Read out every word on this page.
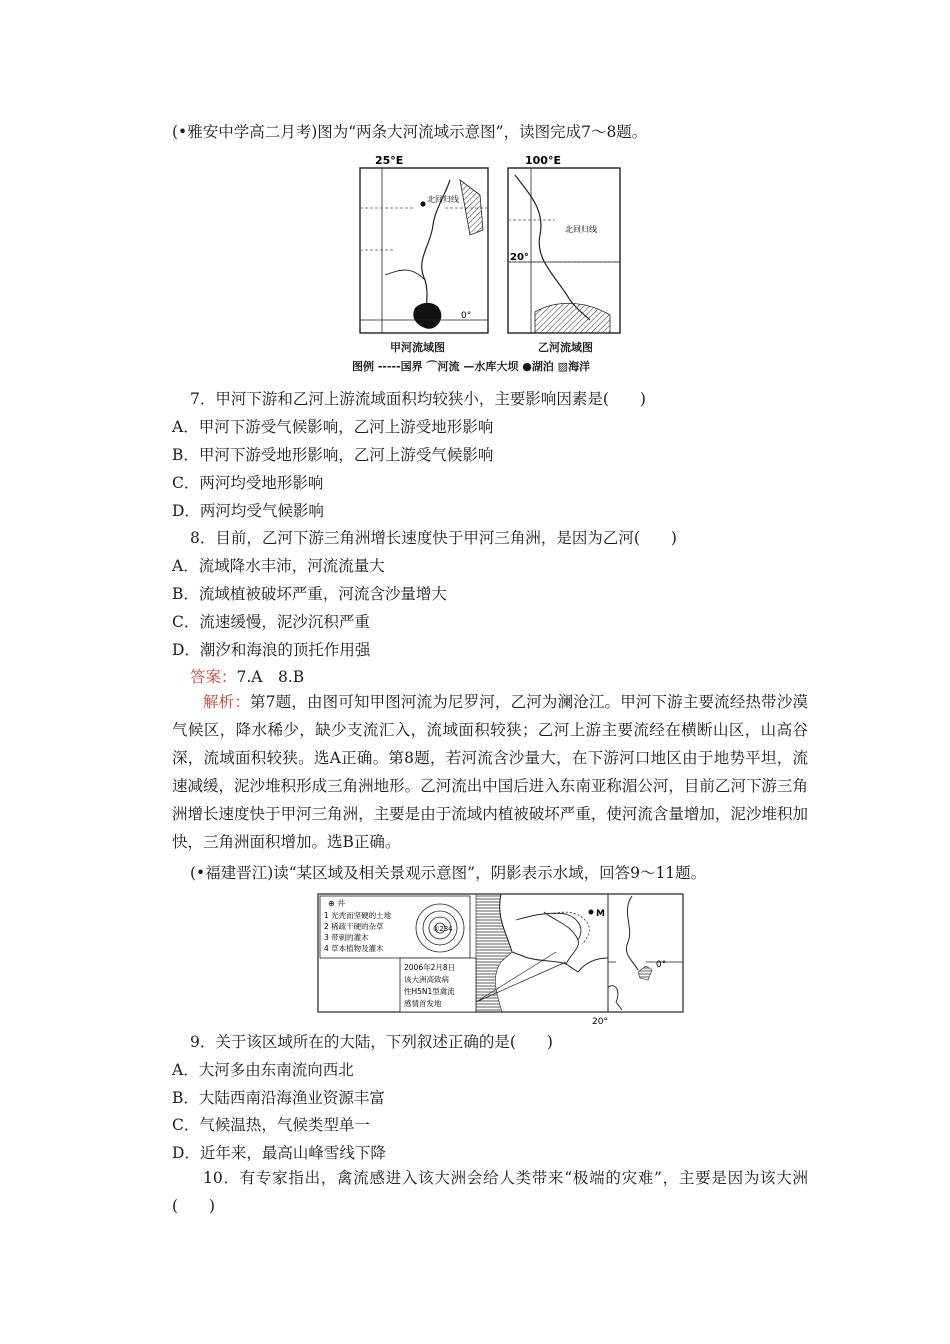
(•雅安中学高二月考)图为“两条大河流域示意图”，读图完成7～8题。
25°E
北回归线
0°
100°E
北回归线
20°
甲河流域图	乙河流域图
图例 -----国界 ⌒河流 —水库大坝 ●湖泊 ▨海洋
7．甲河下游和乙河上游流域面积均较狭小，主要影响因素是(　　)
A．甲河下游受气候影响，乙河上游受地形影响
B．甲河下游受地形影响，乙河上游受气候影响
C．两河均受地形影响
D．两河均受气候影响
8．目前，乙河下游三角洲增长速度快于甲河三角洲，是因为乙河(　　)
A．流域降水丰沛，河流流量大
B．流域植被破坏严重，河流含沙量增大
C．流速缓慢，泥沙沉积严重
D．潮汐和海浪的顶托作用强
答案：7.A　8.B
解析：第7题，由图可知甲图河流为尼罗河，乙河为澜沧江。甲河下游主要流经热带沙漠气候区，降水稀少，缺少支流汇入，流域面积较狭；乙河上游主要流经在横断山区，山高谷深，流域面积较狭。选A正确。第8题，若河流含沙量大，在下游河口地区由于地势平坦，流速减缓，泥沙堆积形成三角洲地形。乙河流出中国后进入东南亚称湄公河，目前乙河下游三角洲增长速度快于甲河三角洲，主要是由于流域内植被破坏严重，使河流含量增加，泥沙堆积加快，三角洲面积增加。选B正确。
(•福建晋江)读“某区域及相关景观示意图”，阴影表示水域，回答9～11题。
⊕ 井
1 光秃而坚硬的土地
2 稀疏干硬的杂草
3 带刺的灌木
4 草本植物及灌木
①234
M
0°
2006年2月8日
该大洲高致病
性H5N1型禽流
感情首发地
20°
9．关于该区域所在的大陆，下列叙述正确的是(　　)
A．大河多由东南流向西北
B．大陆西南沿海渔业资源丰富
C．气候温热，气候类型单一
D．近年来，最高山峰雪线下降
10．有专家指出，禽流感进入该大洲会给人类带来“极端的灾难”，主要是因为该大洲(　　)
